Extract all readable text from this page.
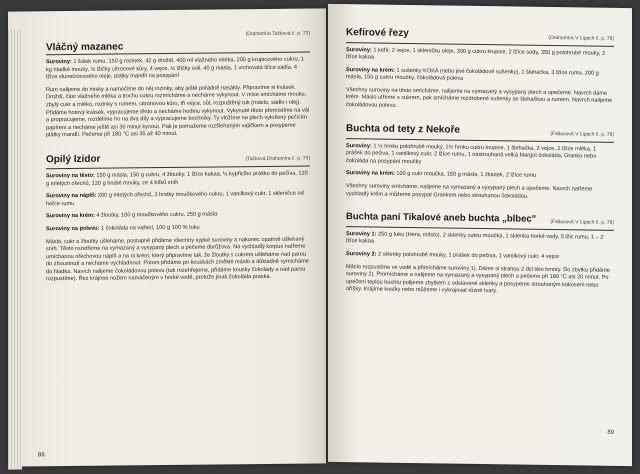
(Drahomíra Tačková č. p. 73)
Vláčný mazanec

Suroviny: 1 šálek rumu, 150 g rozinek, 42 g droždí, 400 ml vlažného mléka, 200 g krupicového cukru, 1 kg hladké mouky, ½ lžičky citronové kůry, 4 vejce, ½ lžičky soli, 40 g másla, 1 vrchovatá lžíce sádla, 4 lžíce slunečnicového oleje, plátky mandlí na posypání

Rum nalijeme do misky a namočíme do něj rozinky, aby ještě pořádně nasákly. Připravíme si kvásek. Droždí, část vlažného mléka a trochu cukru rozmícháme a necháme vykynout. V míse smícháme mouku, zbylý cukr a mléko, rozinky s rumem, citronovou kůru, tři vejce, sůl, rozpuštěný tuk (máslo, sádlo i olej). Přidáme hotový kvásek, vypracujeme těsto a necháme hodinu vykynout. Vykynuté těsto přemístíme na vál a propracujeme, rozdělíme ho na dva díly a vypracujeme bochníky. Ty vložíme na plech vyložený pečicím papírem a necháme ještě asi 30 minut kynout. Pak je pomažeme rozšlehaným vajíčkem a posypeme plátky mandlí. Pečeme při 180 °C asi 35 až 40 minut.

Opilý Izidor	(Tačková Drahomíra č. p. 73)

Suroviny na těsto: 150 g másla, 150 g cukru, 4 žloutky, 1 lžíce kakaa, ½ kypřicího prášku do pečiva, 120 g mletých ořechů, 120 g hrubé mouky, ze 4 bílků sníh

Suroviny na náplň: 200 g mletých ořechů, 2 hrstky moučkového cukru, 1 vanilkový cukr, 1 skleničce od hořce rumu

Suroviny na krém: 4 žloutky, 100 g moučkového cukru, 250 g másla

Suroviny na polevu: 1 čokoláda na vaření, 100 g 100 % tuku

Máslo, cukr a žloutky ušleháme, postupně přidáme všechny sypké suroviny a nakonec opatrně ušlehaný sníh. Těsto rozetřeme na vymazaný a vysypaný plech a pečeme dorůžova. Na vychladlý korpus natřeme umíchanou ořechovou náplň a na ni krém, který připravíme tak, že žloutky s cukrem ušleháme nad parou do zhoustnutí a necháme vychladnout. Potom přidáme po kouskách změklé máslo a důkladně vymícháme do hladka. Navrch nalijeme čokoládovou polevu (tuk rozehřejeme, přidáme kousky čokolády a nad parou rozpustíme). Řez krájíme nožem namáčeným v horké vodě, protože jinak čokoláda praská.

88
Kefírové řezy	(Drahomíra V Lipách č. p. 79)

Suroviny: 1 kefír, 2 vejce, 1 skleničku oleje, 300 g cukru krupice, 2 lžíce sody, 350 g polohrubé mouky, 2 lžíce kakaa

Suroviny na krém: 1 sušenky KOKA (nebo jiné čokoládové sušenky), 1 šlehačka, 3 lžíce rumu, 200 g másla, 150 g cukru moučky, čokoládová poleva

Všechny suroviny na těsto smícháme, nalijeme na vymazaný a vysypaný plech a upečeme. Navrch dáme krém. Máslo utřeme s cukrem, pak smícháme rozdrobené sušenky se šlehačkou a rumem. Navrch nalijeme čokoládovou polevu.

Buchta od tety z Nekoře	(Faltusová V Lipách č. p. 79)

Suroviny: 1 ½ hrnku polohrubé mouky, 1½ hrnku cukru krupice, 1 šlehačka, 2 vejce, 2 lžíce mléka, 1 prášek do pečiva, 1 vanilkový cukr, 2 lžíce rumu, 1 nastrouhaná velká Margot čokoláda, Granko nebo čokoláda na posypání moučky

Suroviny na krém: 100 g cukr moučka, 150 g másla, 1 žloutek, 2 lžíce rumu

Všechny suroviny smícháme, nalijeme na vymazaný a vysypaný plech a upečeme. Navrch natřeme vychladlý krém a můžeme posypat Grankem nebo strouhanou čokoládou.

Buchta paní Tikalové aneb buchta „blbec"	(Faltusová V Lipách č. p. 79)

Suroviny 1: 250 g tuku (Hera, máslo), 2 sklenky cukru moučka, 1 sklenka horké vody, 5 lžic rumu, 1 – 2 lžíce kakaa

Suroviny 2: 2 sklenky polohrubé mouky, 1 prášek do pečiva, 1 vanilkový cukr, 4 vejce

Máslo rozpustíme ve vodě a přimícháme suroviny 1). Dáme si stranou 2 dcl této hmoty. Do zbytku přidáme suroviny 2). Promícháme a nalijeme na vymazaný a vysypaný plech a pečeme při 180 °C asi 20 minut. Po upečení teplou buchtu polijeme zbytkem z odstavené sklenky a posypeme strouhaným kokosem nebo oříšky. Krájíme kostky nebo můžeme i vykrajovat různé tvary.

89
